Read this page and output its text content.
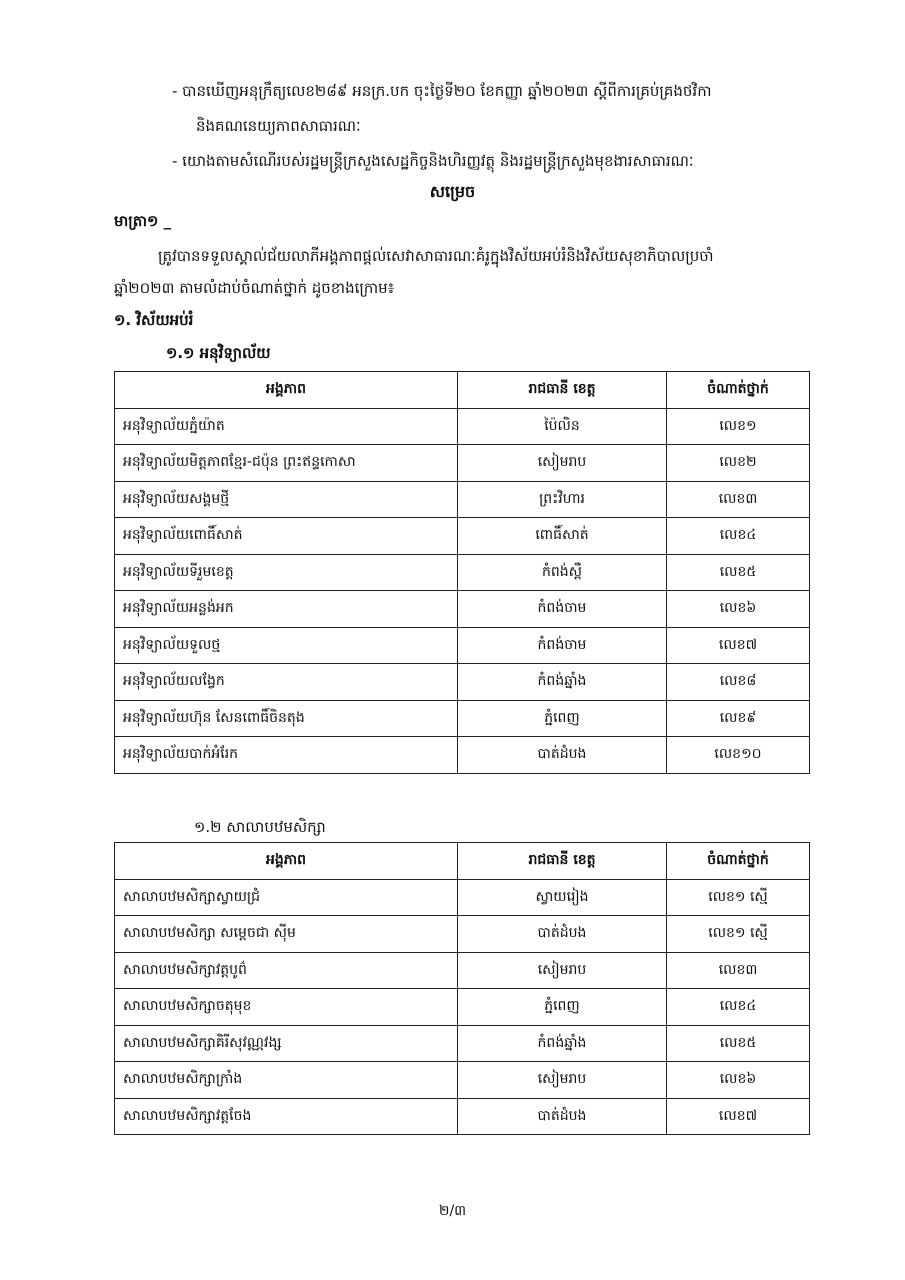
- បានឃើញអនុក្រឹត្យលេខ២៨៩ អនក្រ.បក ចុះថ្ងៃទី២០ ខែកញ្ញា ឆ្នាំ២០២៣ ស្តីពីការគ្រប់គ្រងថវិកា
និងគណនេយ្យភាពសាធារណៈ
- យោងតាមសំណើរបស់រដ្ឋមន្ត្រីក្រសួងសេដ្ឋកិច្ចនិងហិរញ្ញវត្ថុ និងរដ្ឋមន្ត្រីក្រសួងមុខងារសាធារណៈ
សម្រេច
មាត្រា១ _
ត្រូវបានទទួលស្គាល់ជ័យលាភីអង្គភាពផ្តល់សេវាសាធារណៈគំរូក្នុងវិស័យអប់រំនិងវិស័យសុខាភិបាលប្រចាំ
ឆ្នាំ២០២៣ តាមលំដាប់ចំណាត់ថ្នាក់ ដូចខាងក្រោម៖
១. វិស័យអប់រំ
១.១ អនុវិទ្យាល័យ
អង្គភាព	រាជធានី ខេត្ត	ចំណាត់ថ្នាក់
អនុវិទ្យាល័យភ្នំយ៉ាត	ប៉ៃលិន	លេខ១
អនុវិទ្យាល័យមិត្តភាពខ្មែរ-ជប៉ុន ព្រះឥន្ទកោសា	សៀមរាប	លេខ២
អនុវិទ្យាល័យសង្គមថ្មី	ព្រះវិហារ	លេខ៣
អនុវិទ្យាល័យពោធិ៍សាត់	ពោធិ៍សាត់	លេខ៤
អនុវិទ្យាល័យទីរួមខេត្ត	កំពង់ស្ពឺ	លេខ៥
អនុវិទ្យាល័យអន្លង់អក	កំពង់ចាម	លេខ៦
អនុវិទ្យាល័យទួលថ្ម	កំពង់ចាម	លេខ៧
អនុវិទ្យាល័យលង្វែក	កំពង់ឆ្នាំង	លេខ៨
អនុវិទ្យាល័យហ៊ុន សែនពោធិ៍ចិនតុង	ភ្នំពេញ	លេខ៩
អនុវិទ្យាល័យបាក់អំរែក	បាត់ដំបង	លេខ១០
១.២ សាលាបឋមសិក្សា
អង្គភាព	រាជធានី ខេត្ត	ចំណាត់ថ្នាក់
សាលាបឋមសិក្សាស្វាយជ្រំ	ស្វាយរៀង	លេខ១ ស្មើ
សាលាបឋមសិក្សា សម្តេចជា ស៊ីម	បាត់ដំបង	លេខ១ ស្មើ
សាលាបឋមសិក្សាវត្តបូព៌	សៀមរាប	លេខ៣
សាលាបឋមសិក្សាចតុមុខ	ភ្នំពេញ	លេខ៤
សាលាបឋមសិក្សាគិរីសុវណ្ណវង្ស	កំពង់ឆ្នាំង	លេខ៥
សាលាបឋមសិក្សាក្រាំង	សៀមរាប	លេខ៦
សាលាបឋមសិក្សាវត្តចែង	បាត់ដំបង	លេខ៧
២/៣
